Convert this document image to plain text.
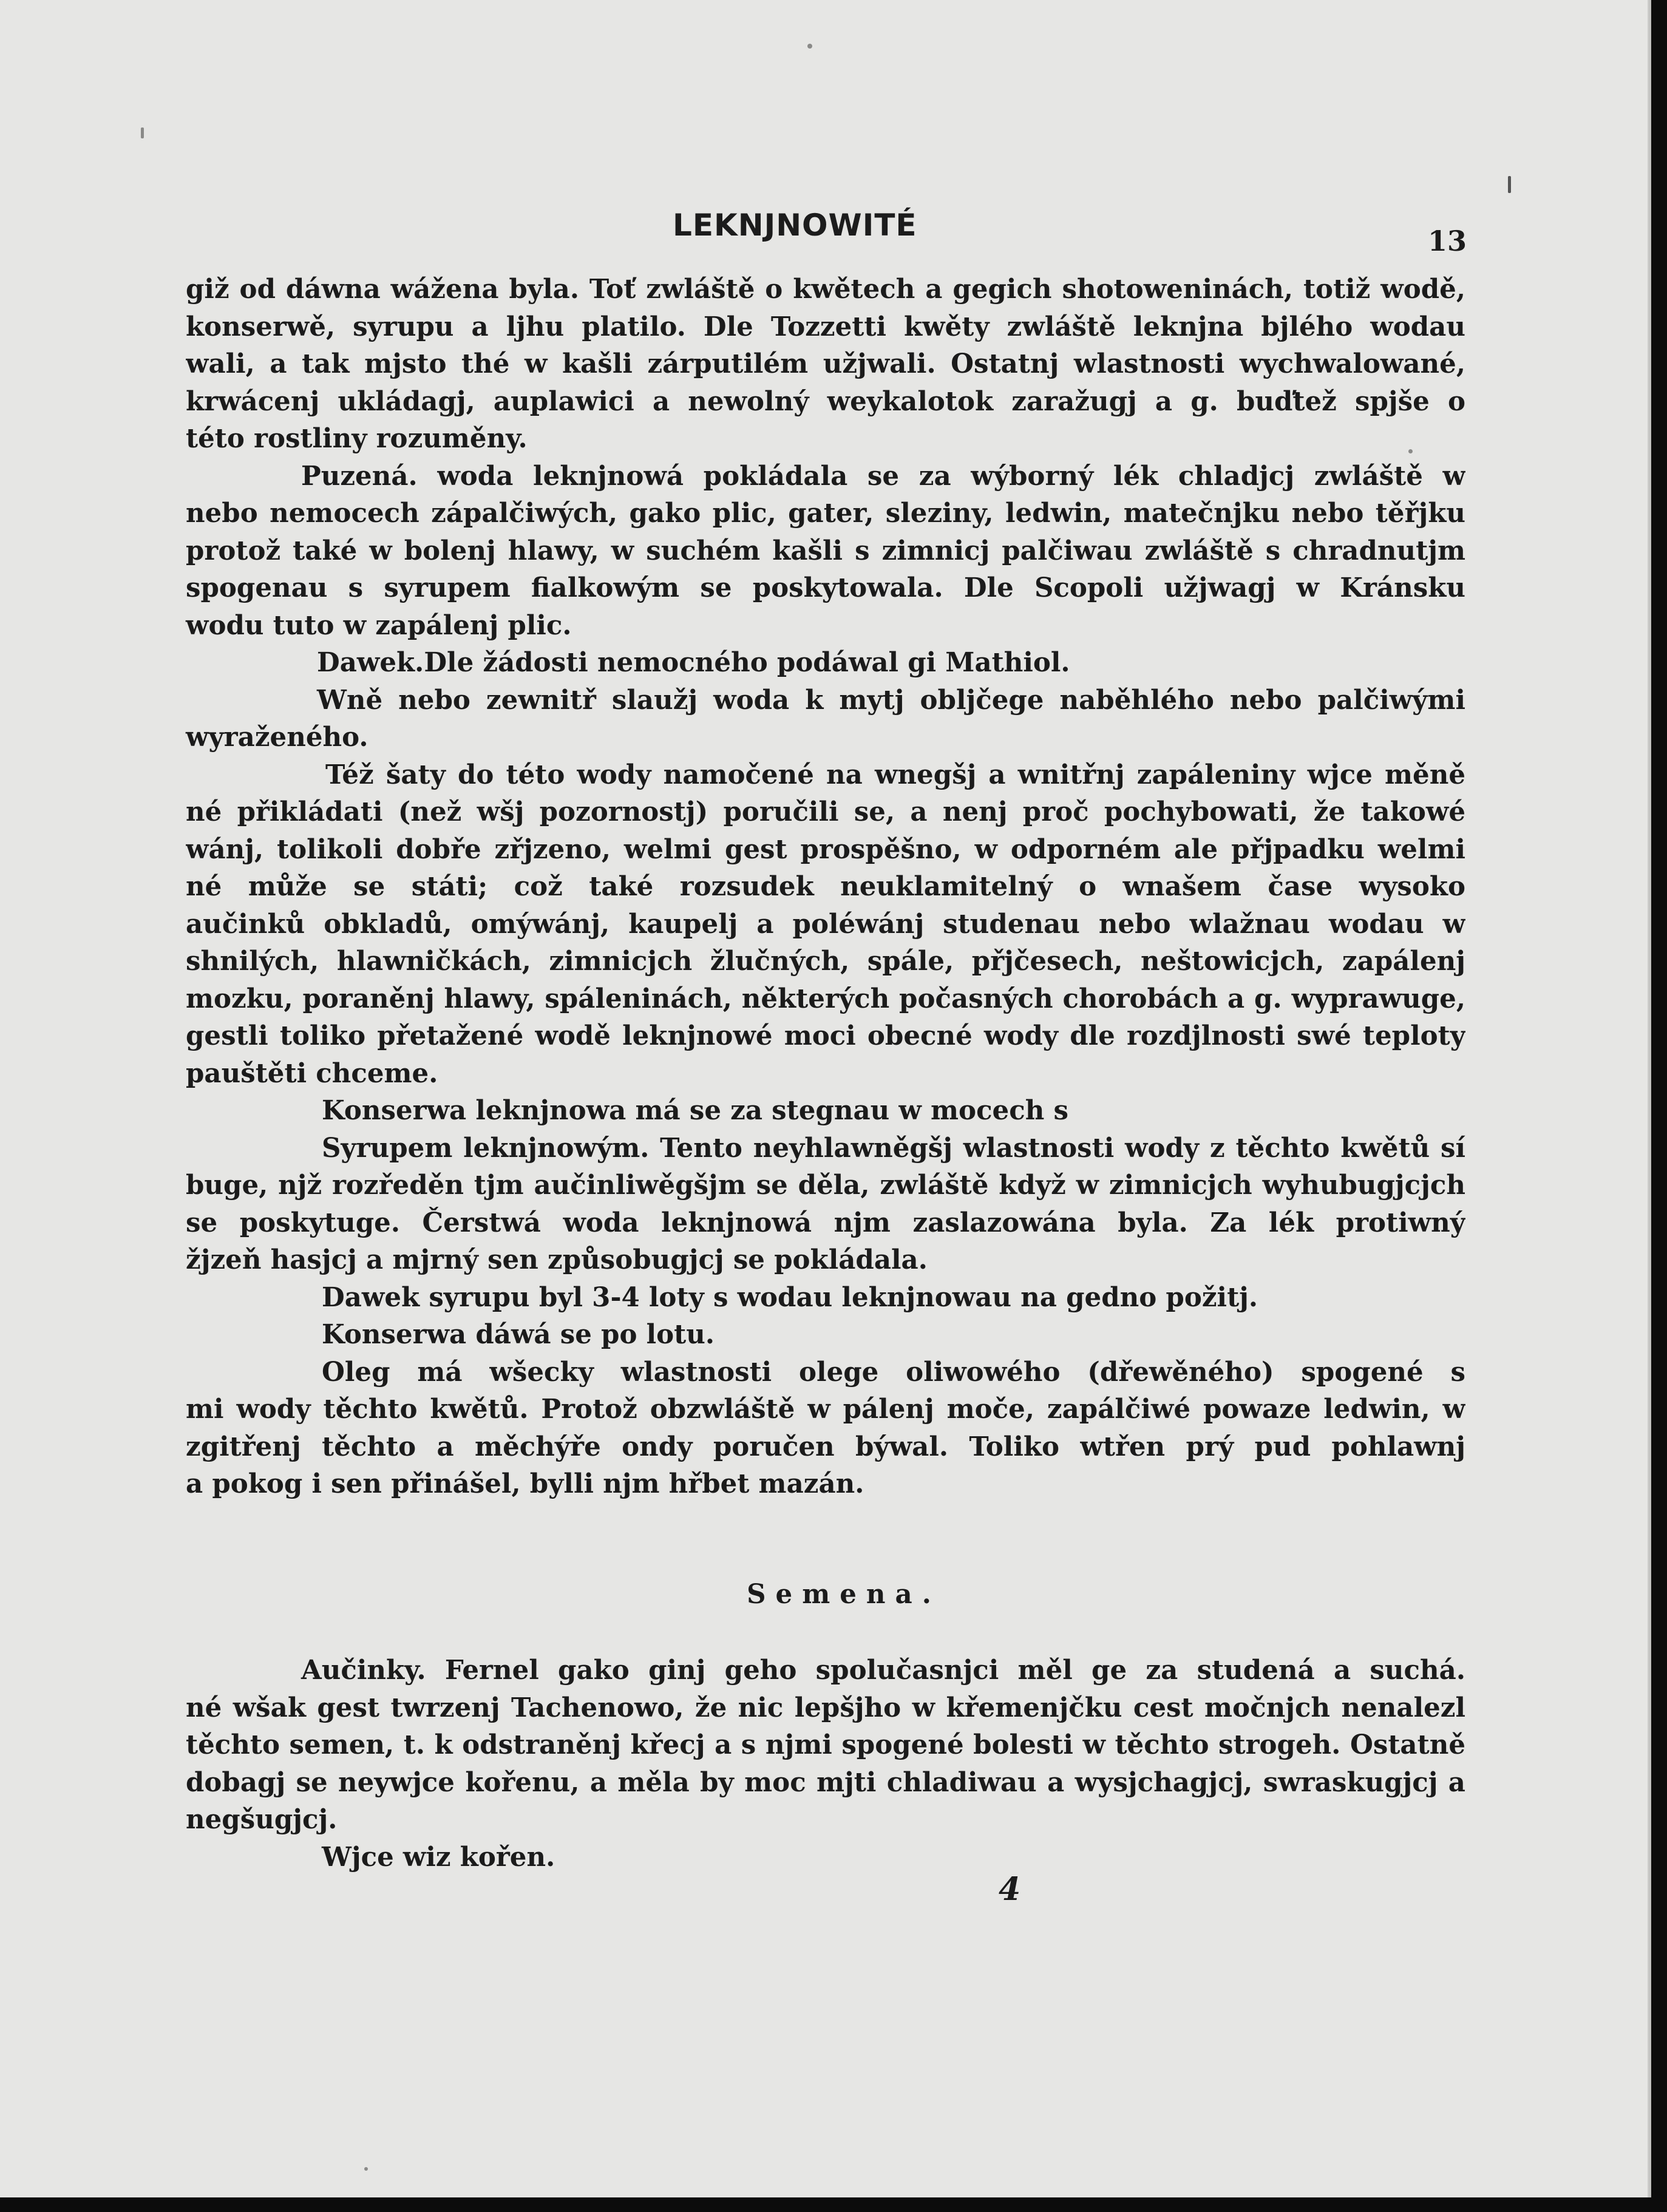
LEKNJNOWITÉ	13
giž od dáwna wážena byla. Toť zwláště o kwětech a gegich shotoweninách, totiž wodě,
konserwě, syrupu a ljhu platilo. Dle Tozzetti kwěty zwláště leknjna bjlého wodau
wali, a tak mjsto thé w kašli zárputilém užjwali. Ostatnj wlastnosti wychwalowané,
krwácenj ukládagj, auplawici a newolný weykalotok zaražugj a g. buďtež spjše o
této rostliny rozuměny.
Puzená. woda leknjnowá pokládala se za wýborný lék chladjcj zwláště w
nebo nemocech zápalčiwých, gako plic, gater, sleziny, ledwin, matečnjku nebo těřjku
protož také w bolenj hlawy, w suchém kašli s zimnicj palčiwau zwláště s chradnutjm
spogenau s syrupem fialkowým se poskytowala. Dle Scopoli užjwagj w Kránsku
wodu tuto w zapálenj plic.
Dawek.Dle žádosti nemocného podáwal gi Mathiol.
Wně nebo zewnitř slaužj woda k mytj obljčege naběhlého nebo palčiwými
wyraženého.
Též šaty do této wody namočené na wnegšj a wnitřnj zapáleniny wjce měně
né přikládati (než wšj pozornostj) poručili se, a nenj proč pochybowati, že takowé
wánj, tolikoli dobře zřjzeno, welmi gest prospěšno, w odporném ale přjpadku welmi
né může se státi; což také rozsudek neuklamitelný o wnašem čase wysoko
aučinků obkladů, omýwánj, kaupelj a poléwánj studenau nebo wlažnau wodau w
shnilých, hlawničkách, zimnicjch žlučných, spále, přjčesech, neštowicjch, zapálenj
mozku, poraněnj hlawy, spáleninách, některých počasných chorobách a g. wyprawuge,
gestli toliko přetažené wodě leknjnowé moci obecné wody dle rozdjlnosti swé teploty
pauštěti chceme.
Konserwa leknjnowa má se za stegnau w mocech s
Syrupem leknjnowým. Tento neyhlawněgšj wlastnosti wody z těchto kwětů sí
buge, njž rozředěn tjm aučinliwěgšjm se děla, zwláště když w zimnicjch wyhubugjcjch
se poskytuge. Čerstwá woda leknjnowá njm zaslazowána byla. Za lék protiwný
žjzeň hasjcj a mjrný sen způsobugjcj se pokládala.
Dawek syrupu byl 3-4 loty s wodau leknjnowau na gedno požitj.
Konserwa dáwá se po lotu.
Oleg má wšecky wlastnosti olege oliwowého (dřewěného) spogené s
mi wody těchto kwětů. Protož obzwláště w pálenj moče, zapálčiwé powaze ledwin, w
zgitřenj těchto a měchýře ondy poručen býwal. Toliko wtřen prý pud pohlawnj
a pokog i sen přinášel, bylli njm hřbet mazán.
Semena.
Aučinky. Fernel gako ginj geho spolučasnjci měl ge za studená a suchá.
né wšak gest twrzenj Tachenowo, že nic lepšjho w křemenjčku cest močnjch nenalezl
těchto semen, t. k odstraněnj křecj a s njmi spogené bolesti w těchto strogeh. Ostatně
dobagj se neywjce kořenu, a měla by moc mjti chladiwau a wysjchagjcj, swraskugjcj a
negšugjcj.
Wjce wiz kořen.
4
